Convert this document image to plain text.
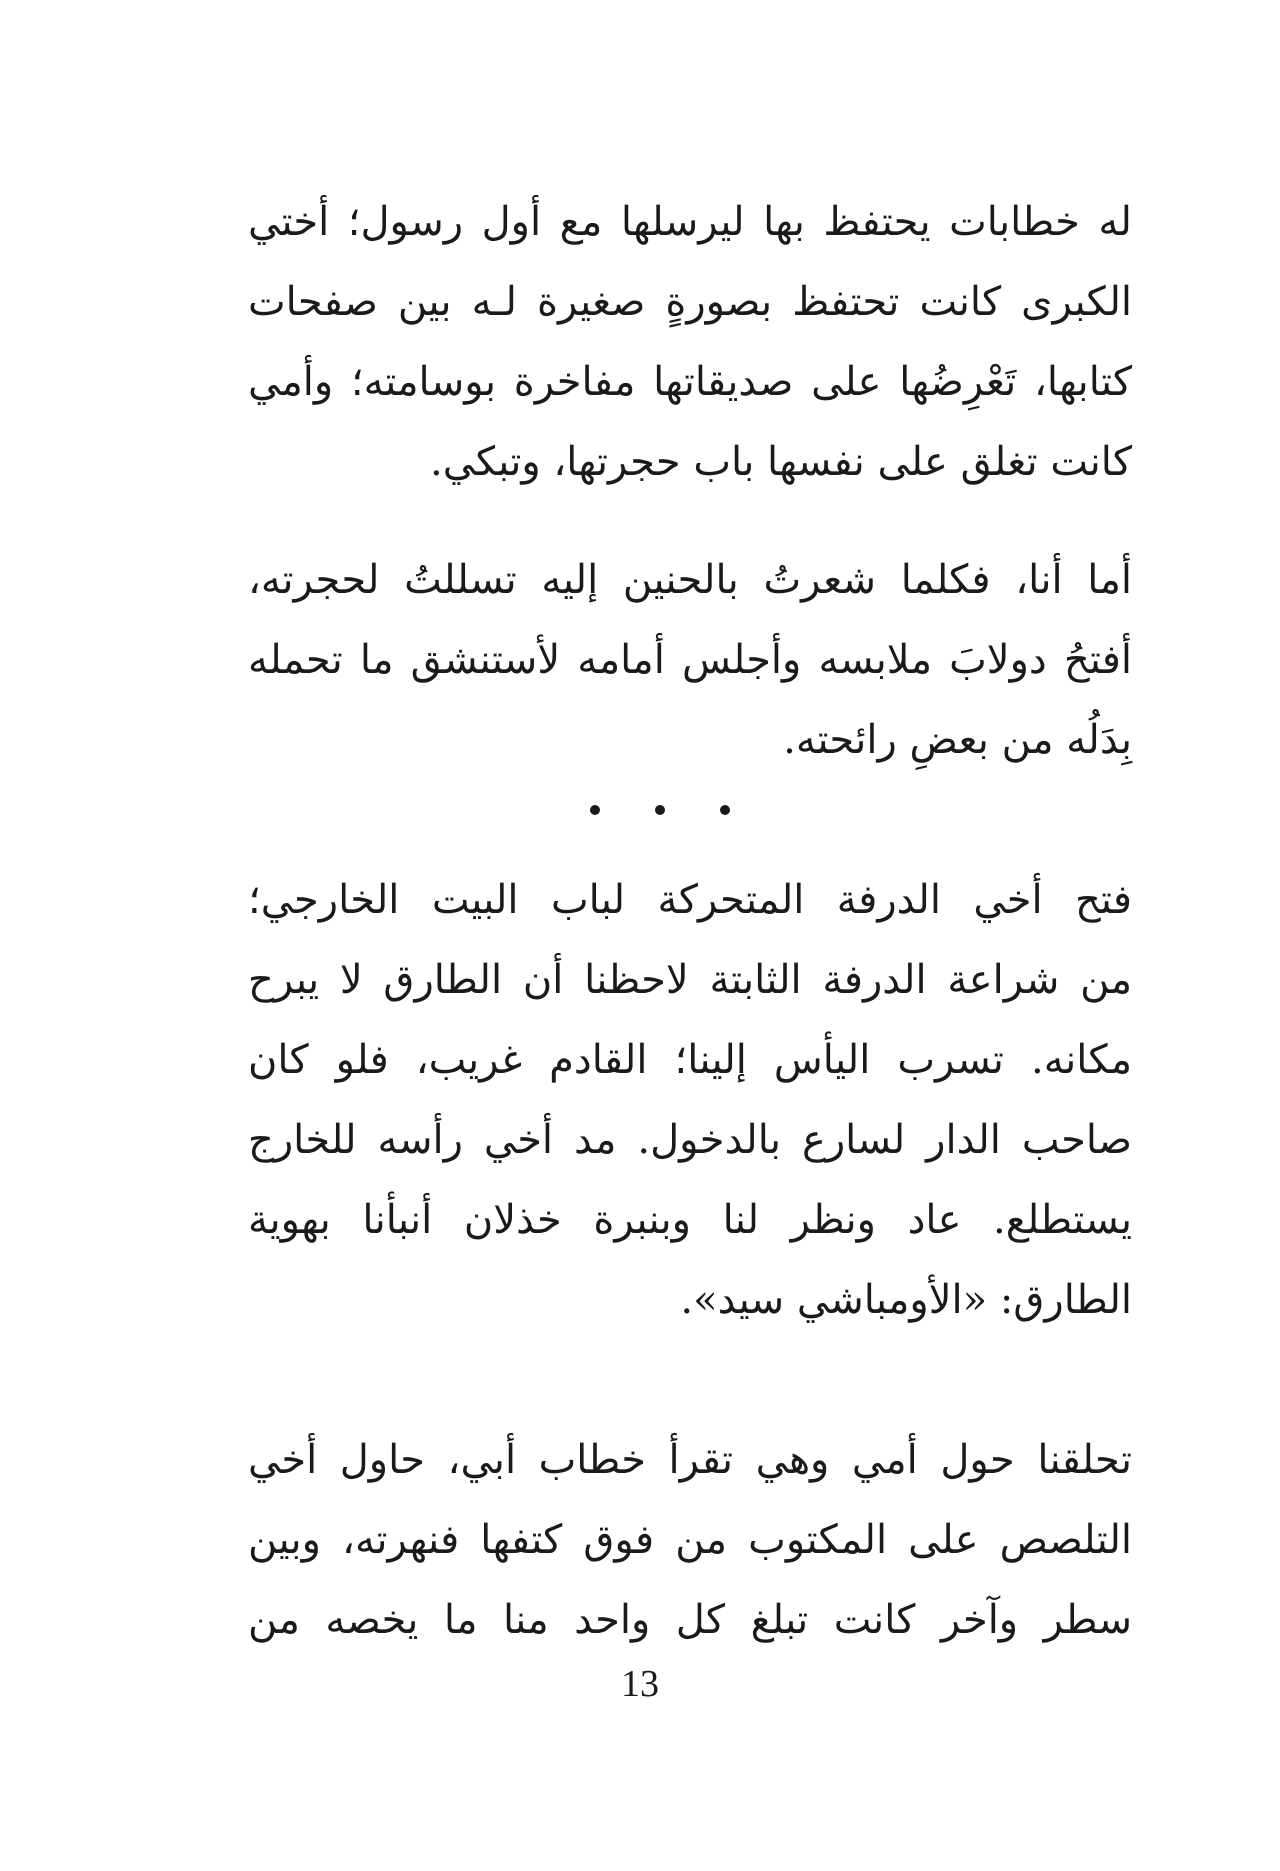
له خطابات يحتفظ بها ليرسلها مع أول رسول؛ أختي
الكبرى كانت تحتفظ بصورةٍ صغيرة لـه بين صفحات
كتابها، تَعْرِضُها على صديقاتها مفاخرة بوسامته؛ وأمي
كانت تغلق على نفسها باب حجرتها، وتبكي.
أما أنا، فكلما شعرتُ بالحنين إليه تسللتُ لحجرته،
أفتحُ دولابَ ملابسه وأجلس أمامه لأستنشق ما تحمله
بِدَلُه من بعضِ رائحته.
فتح أخي الدرفة المتحركة لباب البيت الخارجي؛
من شراعة الدرفة الثابتة لاحظنا أن الطارق لا يبرح
مكانه. تسرب اليأس إلينا؛ القادم غريب، فلو كان
صاحب الدار لسارع بالدخول. مد أخي رأسه للخارج
يستطلع. عاد ونظر لنا وبنبرة خذلان أنبأنا بهوية
الطارق: «الأومباشي سيد».
تحلقنا حول أمي وهي تقرأ خطاب أبي، حاول أخي
التلصص على المكتوب من فوق كتفها فنهرته، وبين
سطر وآخر كانت تبلغ كل واحد منا ما يخصه من
13
